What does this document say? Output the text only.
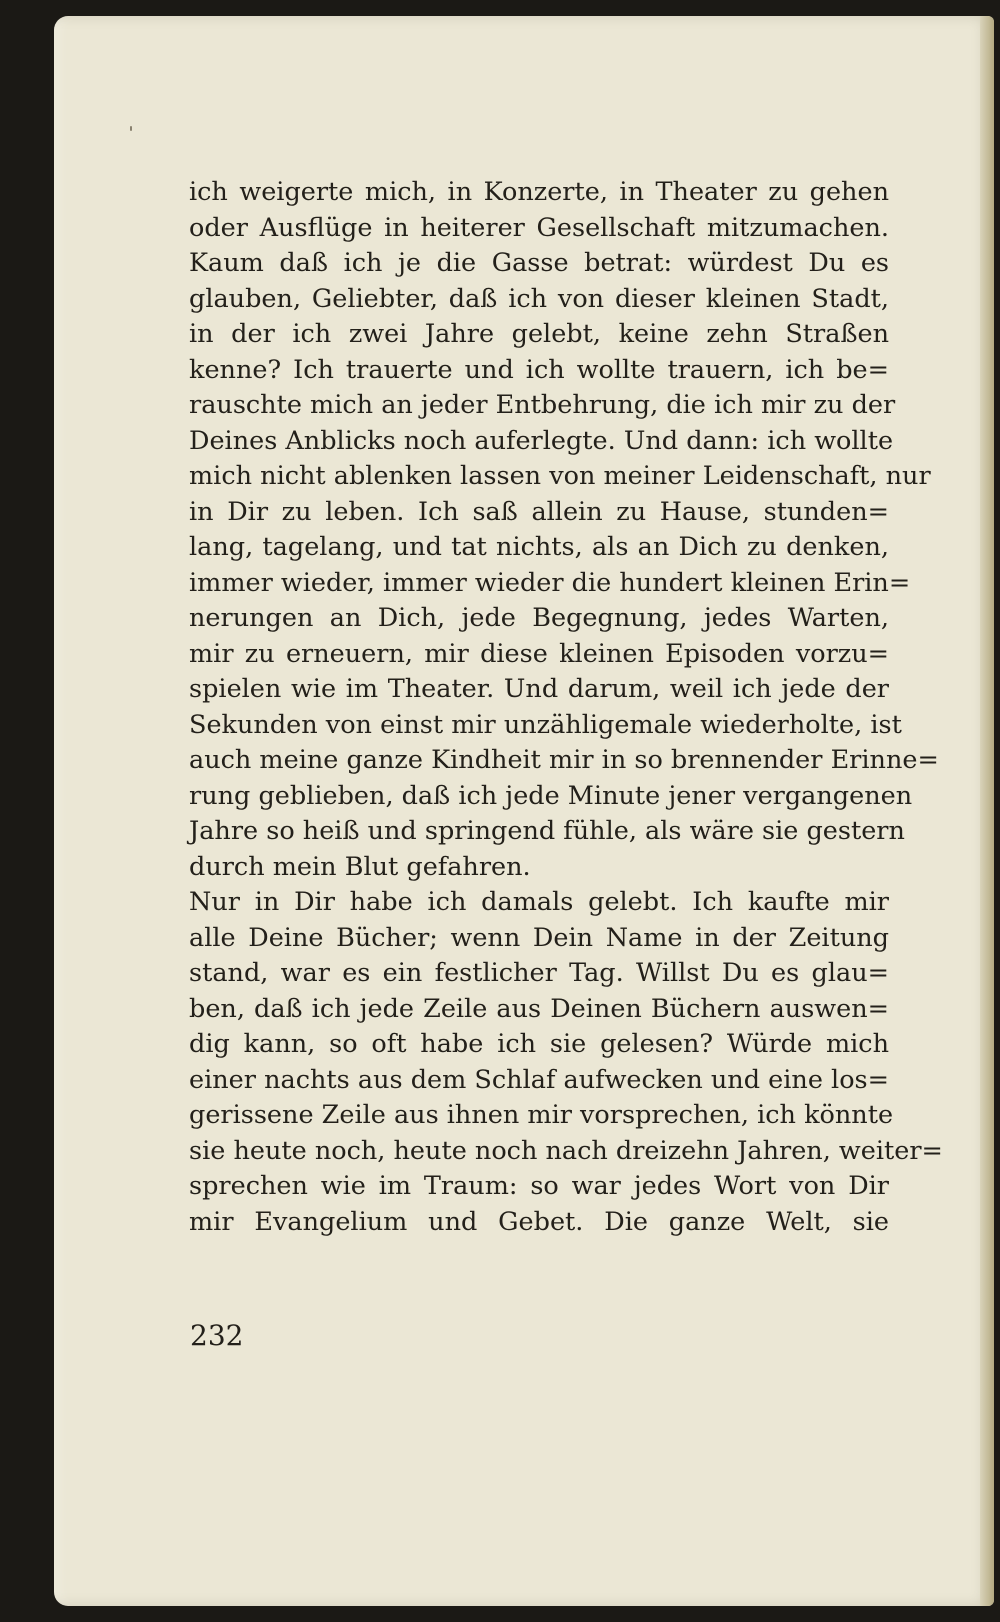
ich weigerte mich, in Konzerte, in Theater zu gehen
oder Ausflüge in heiterer Gesellschaft mitzumachen.
Kaum daß ich je die Gasse betrat: würdest Du es
glauben, Geliebter, daß ich von dieser kleinen Stadt,
in der ich zwei Jahre gelebt, keine zehn Straßen
kenne? Ich trauerte und ich wollte trauern, ich be=
rauschte mich an jeder Entbehrung, die ich mir zu der
Deines Anblicks noch auferlegte. Und dann: ich wollte
mich nicht ablenken lassen von meiner Leidenschaft, nur
in Dir zu leben. Ich saß allein zu Hause, stunden=
lang, tagelang, und tat nichts, als an Dich zu denken,
immer wieder, immer wieder die hundert kleinen Erin=
nerungen an Dich, jede Begegnung, jedes Warten,
mir zu erneuern, mir diese kleinen Episoden vorzu=
spielen wie im Theater. Und darum, weil ich jede der
Sekunden von einst mir unzähligemale wiederholte, ist
auch meine ganze Kindheit mir in so brennender Erinne=
rung geblieben, daß ich jede Minute jener vergangenen
Jahre so heiß und springend fühle, als wäre sie gestern
durch mein Blut gefahren.
Nur in Dir habe ich damals gelebt. Ich kaufte mir
alle Deine Bücher; wenn Dein Name in der Zeitung
stand, war es ein festlicher Tag. Willst Du es glau=
ben, daß ich jede Zeile aus Deinen Büchern auswen=
dig kann, so oft habe ich sie gelesen? Würde mich
einer nachts aus dem Schlaf aufwecken und eine los=
gerissene Zeile aus ihnen mir vorsprechen, ich könnte
sie heute noch, heute noch nach dreizehn Jahren, weiter=
sprechen wie im Traum: so war jedes Wort von Dir
mir Evangelium und Gebet. Die ganze Welt, sie
232
